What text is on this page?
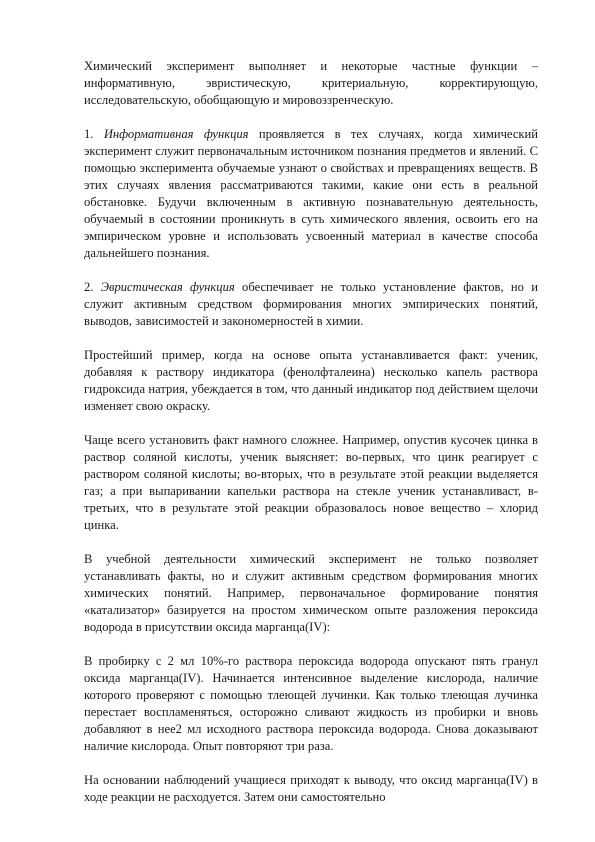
Химический эксперимент выполняет и некоторые частные функции – информативную, эвристическую, критериальную, корректирующую, исследовательскую, обобщающую и мировоззренческую.

1. Информативная функция проявляется в тех случаях, когда химический эксперимент служит первоначальным источником познания предметов и явлений. С помощью эксперимента обучаемые узнают о свойствах и превращениях веществ. В этих случаях явления рассматриваются такими, какие они есть в реальной обстановке. Будучи включенным в активную познавательную деятельность, обучаемый в состоянии проникнуть в суть химического явления, освоить его на эмпирическом уровне и использовать усвоенный материал в качестве способа дальнейшего познания.

2. Эвристическая функция обеспечивает не только установление фактов, но и служит активным средством формирования многих эмпирических понятий, выводов, зависимостей и закономерностей в химии.

Простейший пример, когда на основе опыта устанавливается факт: ученик, добавляя к раствору индикатора (фенолфталеина) несколько капель раствора гидроксида натрия, убеждается в том, что данный индикатор под действием щелочи изменяет свою окраску.

Чаще всего установить факт намного сложнее. Например, опустив кусочек цинка в раствор соляной кислоты, ученик выясняет: во-первых, что цинк реагирует с раствором соляной кислоты; во-вторых, что в результате этой реакции выделяется газ; а при выпаривании капельки раствора на стекле ученик устанавливаст, в-третьих, что в результате этой реакции образовалось новое вещество – хлорид цинка.

В учебной деятельности химический эксперимент не только позволяет устанавливать факты, но и служит активным средством формирования многих химических понятий. Например, первоначальное формирование понятия «катализатор» базируется на простом химическом опыте разложения пероксида водорода в присутствии оксида марганца(IV):

В пробирку с 2 мл 10%-го раствора пероксида водорода опускают пять гранул оксида марганца(IV). Начинается интенсивное выделение кислорода, наличие которого проверяют с помощью тлеющей лучинки. Как только тлеющая лучинка перестает воспламеняться, осторожно сливают жидкость из пробирки и вновь добавляют в нее2 мл исходного раствора пероксида водорода. Снова доказывают наличие кислорода. Опыт повторяют три раза.

На основании наблюдений учащиеся приходят к выводу, что оксид марганца(IV) в ходе реакции не расходуется. Затем они самостоятельно
